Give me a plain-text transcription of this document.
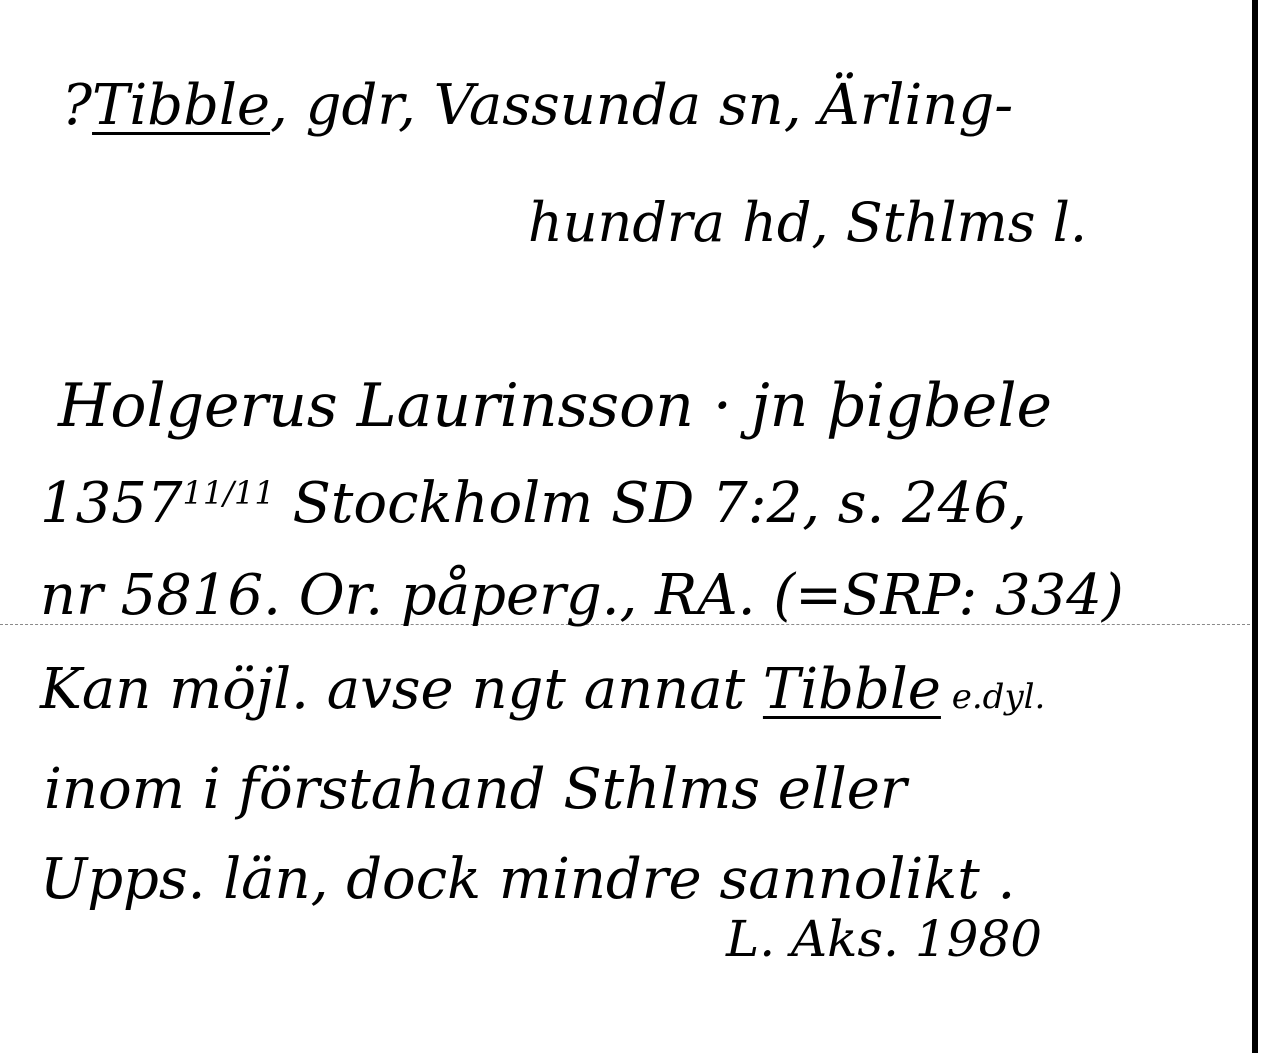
?Tibble, gdr, Vassunda sn, Ärling-
hundra hd, Sthlms l.
Holgerus Laurinsson · jn þigbele
$1357^{11/11}$ Stockholm SD 7:2, s. 246,
nr 5816. Or. påperg., RA. (=SRP: 334)
Kan möjl. avse ngt annat Tibble e.dyl.
inom i förstahand Sthlms eller
Upps. län, dock mindre sannolikt .
L. Aks. 1980
